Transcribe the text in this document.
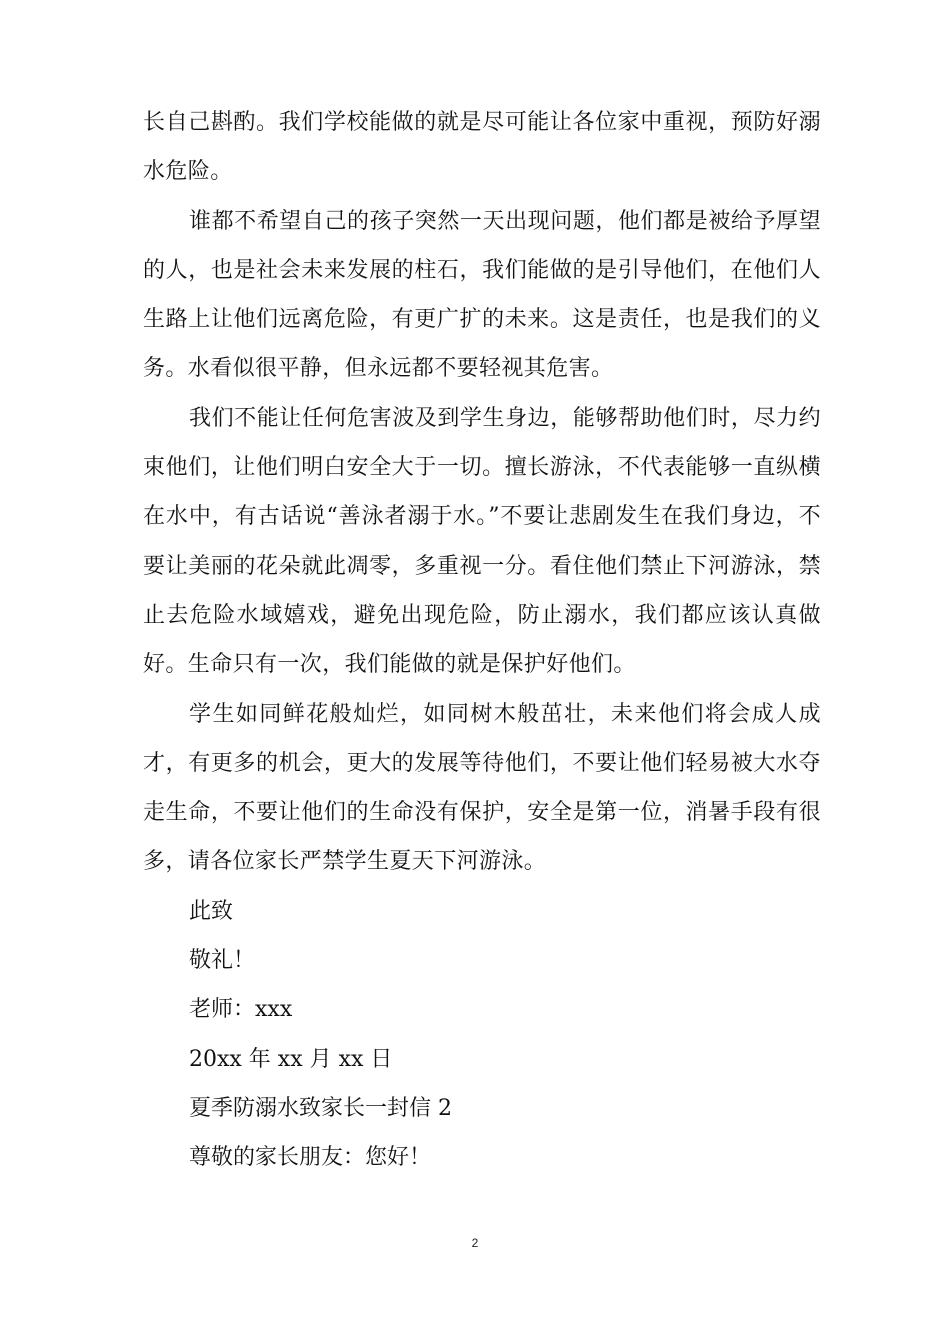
长自己斟酌。我们学校能做的就是尽可能让各位家中重视，预防好溺水危险。

谁都不希望自己的孩子突然一天出现问题，他们都是被给予厚望的人，也是社会未来发展的柱石，我们能做的是引导他们，在他们人生路上让他们远离危险，有更广扩的未来。这是责任，也是我们的义务。水看似很平静，但永远都不要轻视其危害。

我们不能让任何危害波及到学生身边，能够帮助他们时，尽力约束他们，让他们明白安全大于一切。擅长游泳，不代表能够一直纵横在水中，有古话说“善泳者溺于水。”不要让悲剧发生在我们身边，不要让美丽的花朵就此凋零，多重视一分。看住他们禁止下河游泳，禁止去危险水域嬉戏，避免出现危险，防止溺水，我们都应该认真做好。生命只有一次，我们能做的就是保护好他们。

学生如同鲜花般灿烂，如同树木般茁壮，未来他们将会成人成才，有更多的机会，更大的发展等待他们，不要让他们轻易被大水夺走生命，不要让他们的生命没有保护，安全是第一位，消暑手段有很多，请各位家长严禁学生夏天下河游泳。

此致
敬礼！
老师：xxx
20xx 年 xx 月 xx 日
夏季防溺水致家长一封信 2
尊敬的家长朋友：您好！
2
